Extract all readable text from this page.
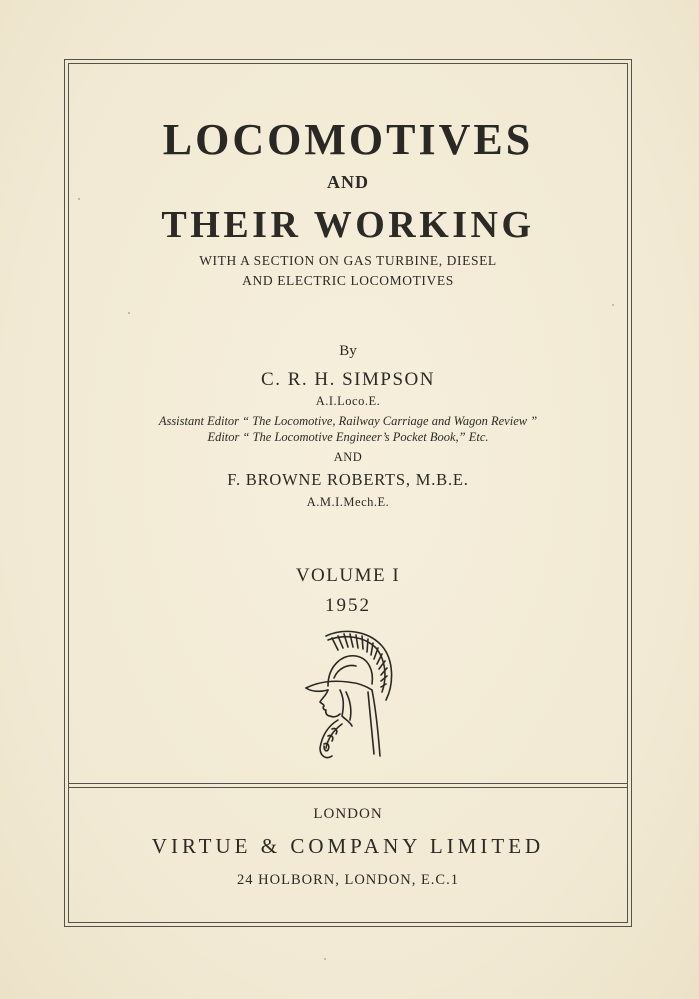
LOCOMOTIVES
AND
THEIR WORKING
WITH A SECTION ON GAS TURBINE, DIESEL
AND ELECTRIC LOCOMOTIVES
By
C. R. H. SIMPSON
A.I.Loco.E.
Assistant Editor “ The Locomotive, Railway Carriage and Wagon Review ”
Editor “ The Locomotive Engineer’s Pocket Book,” Etc.
AND
F. BROWNE ROBERTS, M.B.E.
A.M.I.Mech.E.
VOLUME I
1952
LONDON
VIRTUE & COMPANY LIMITED
24 HOLBORN, LONDON, E.C.1
